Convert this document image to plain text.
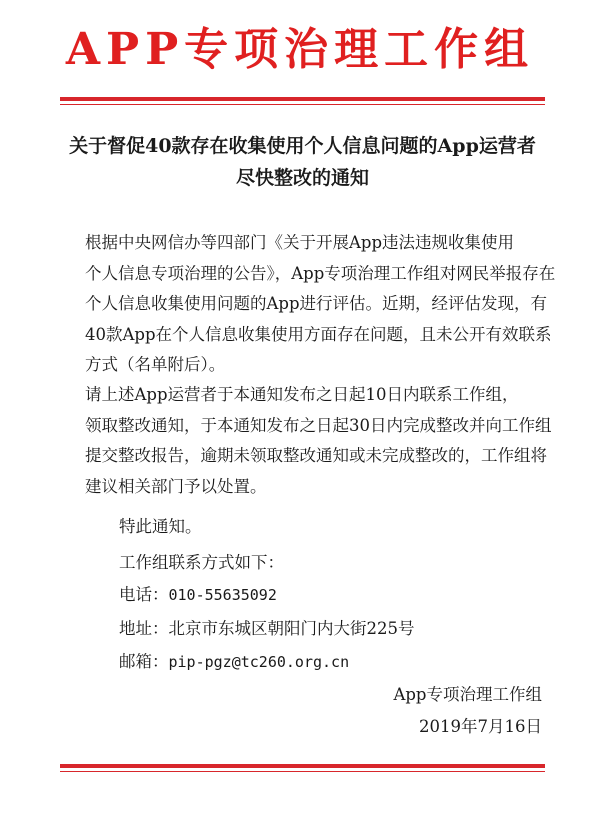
APP专项治理工作组
关于督促40款存在收集使用个人信息问题的App运营者
尽快整改的通知
根据中央网信办等四部门《关于开展App违法违规收集使用
个人信息专项治理的公告》，App专项治理工作组对网民举报存在
个人信息收集使用问题的App进行评估。近期，经评估发现，有
40款App在个人信息收集使用方面存在问题，且未公开有效联系
方式（名单附后）。
请上述App运营者于本通知发布之日起10日内联系工作组，
领取整改通知，于本通知发布之日起30日内完成整改并向工作组
提交整改报告，逾期未领取整改通知或未完成整改的，工作组将
建议相关部门予以处置。
特此通知。
工作组联系方式如下：
电话：010-55635092
地址：北京市东城区朝阳门内大街225号
邮箱：pip-pgz@tc260.org.cn
App专项治理工作组
2019年7月16日
